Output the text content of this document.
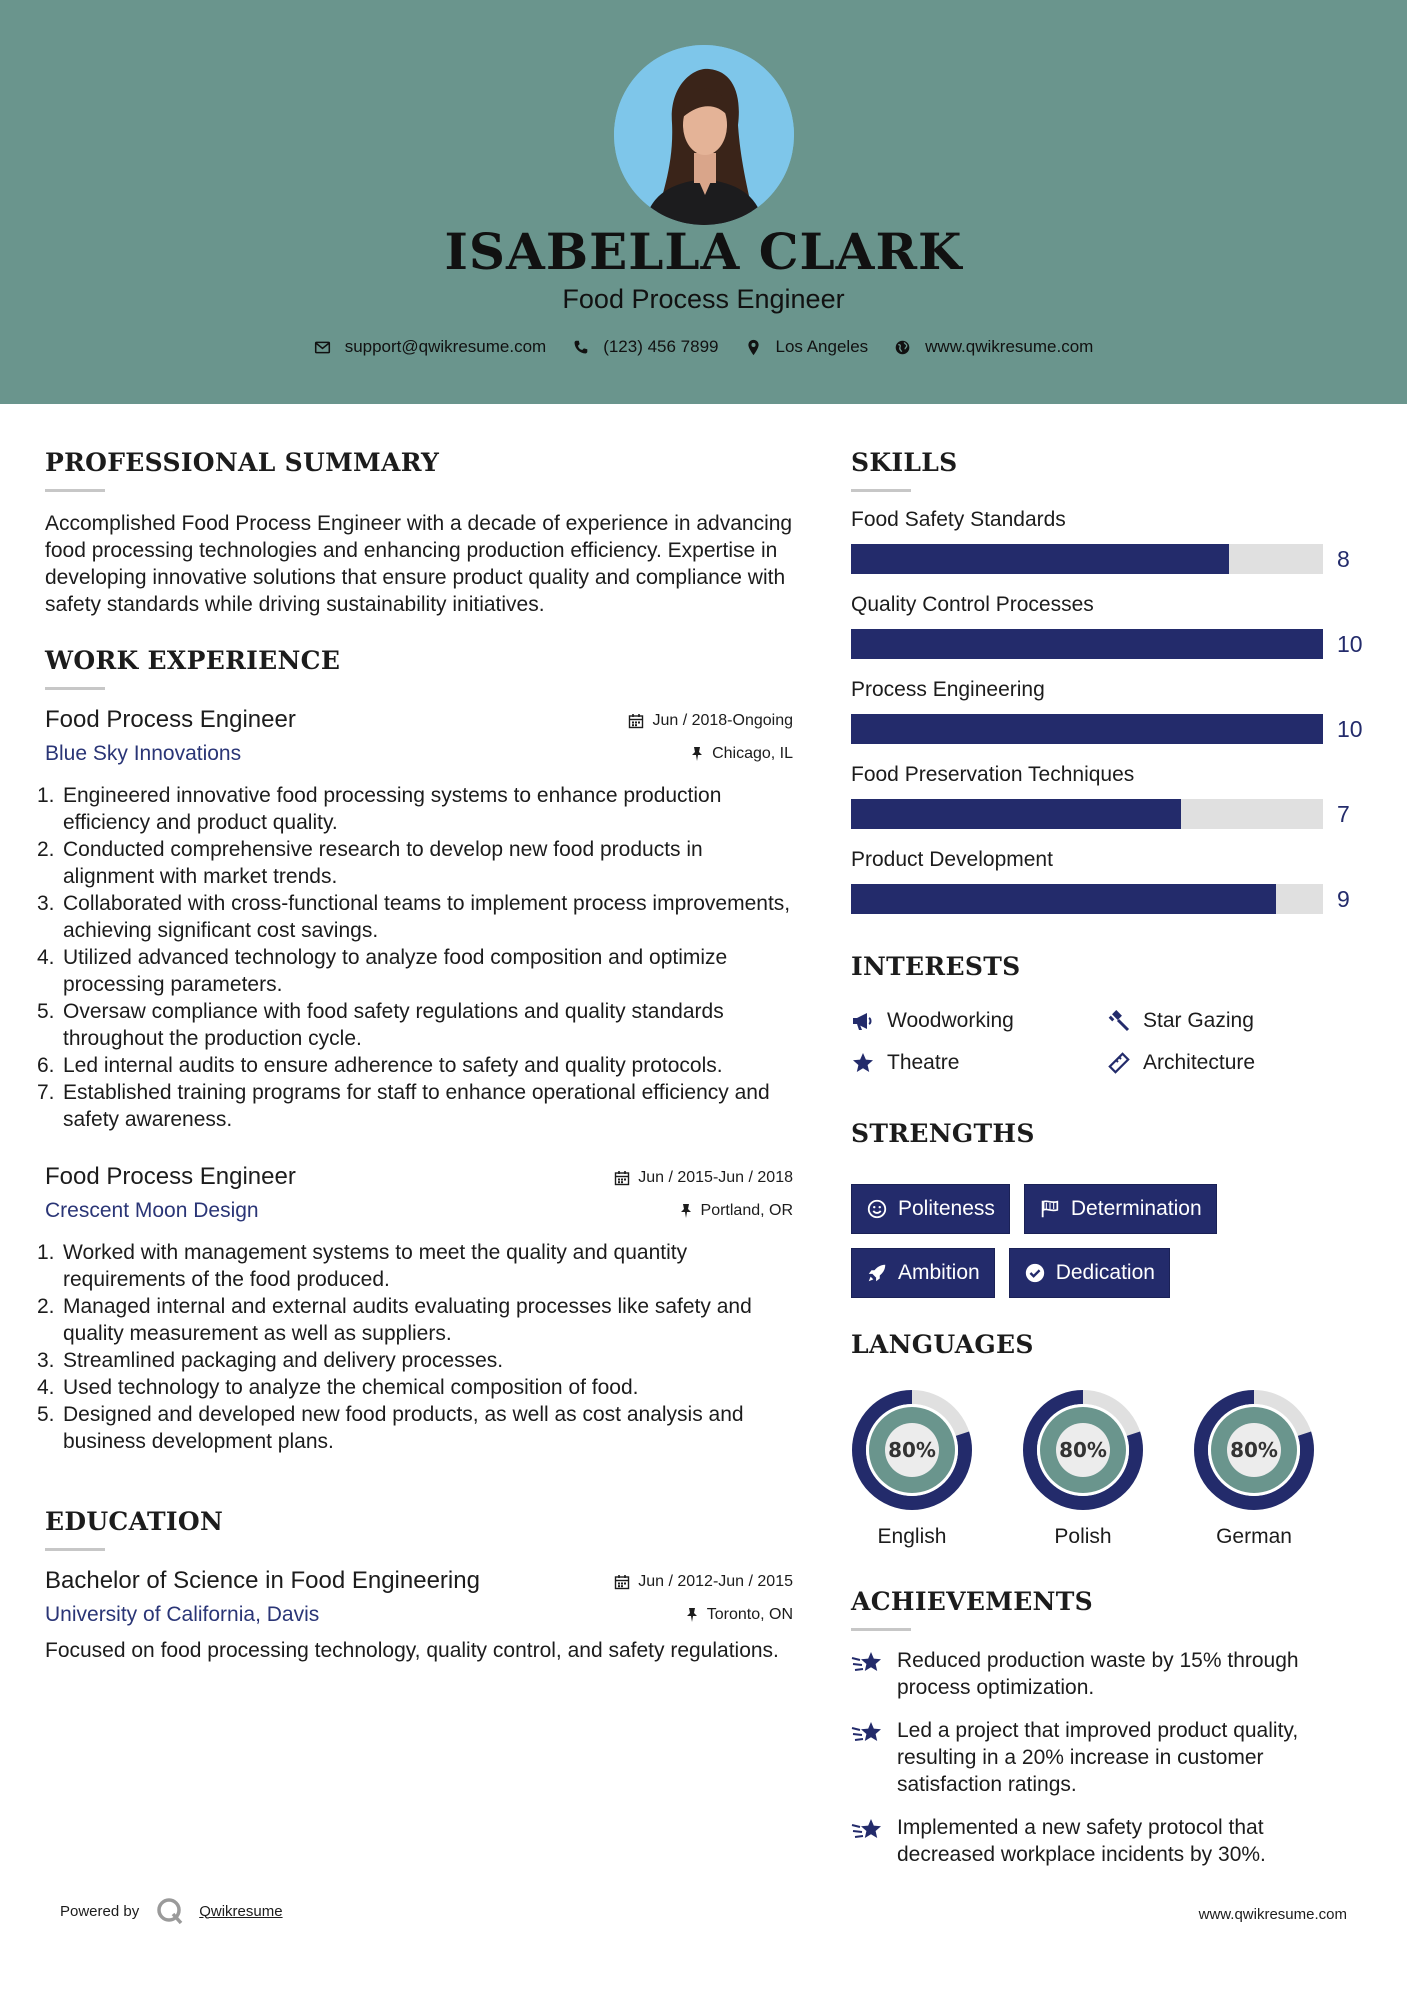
ISABELLA CLARK
Food Process Engineer
support@qwikresume.com	(123) 456 7899	Los Angeles	www.qwikresume.com
PROFESSIONAL SUMMARY
Accomplished Food Process Engineer with a decade of experience in advancing food processing technologies and enhancing production efficiency. Expertise in developing innovative solutions that ensure product quality and compliance with safety standards while driving sustainability initiatives.
WORK EXPERIENCE
Food Process Engineer	Jun / 2018-Ongoing
Blue Sky Innovations	Chicago, IL
1. Engineered innovative food processing systems to enhance production efficiency and product quality.
2. Conducted comprehensive research to develop new food products in alignment with market trends.
3. Collaborated with cross-functional teams to implement process improvements, achieving significant cost savings.
4. Utilized advanced technology to analyze food composition and optimize processing parameters.
5. Oversaw compliance with food safety regulations and quality standards throughout the production cycle.
6. Led internal audits to ensure adherence to safety and quality protocols.
7. Established training programs for staff to enhance operational efficiency and safety awareness.
Food Process Engineer	Jun / 2015-Jun / 2018
Crescent Moon Design	Portland, OR
1. Worked with management systems to meet the quality and quantity requirements of the food produced.
2. Managed internal and external audits evaluating processes like safety and quality measurement as well as suppliers.
3. Streamlined packaging and delivery processes.
4. Used technology to analyze the chemical composition of food.
5. Designed and developed new food products, as well as cost analysis and business development plans.
EDUCATION
Bachelor of Science in Food Engineering	Jun / 2012-Jun / 2015
University of California, Davis	Toronto, ON
Focused on food processing technology, quality control, and safety regulations.
SKILLS
Food Safety Standards
8
Quality Control Processes
10
Process Engineering
10
Food Preservation Techniques
7
Product Development
9
INTERESTS
Woodworking	Star Gazing
Theatre	Architecture
STRENGTHS
Politeness	Determination
Ambition	Dedication
LANGUAGES
80%
English
80%
Polish
80%
German
ACHIEVEMENTS
Reduced production waste by 15% through process optimization.
Led a project that improved product quality, resulting in a 20% increase in customer satisfaction ratings.
Implemented a new safety protocol that decreased workplace incidents by 30%.
Powered by	Qwikresume	www.qwikresume.com
